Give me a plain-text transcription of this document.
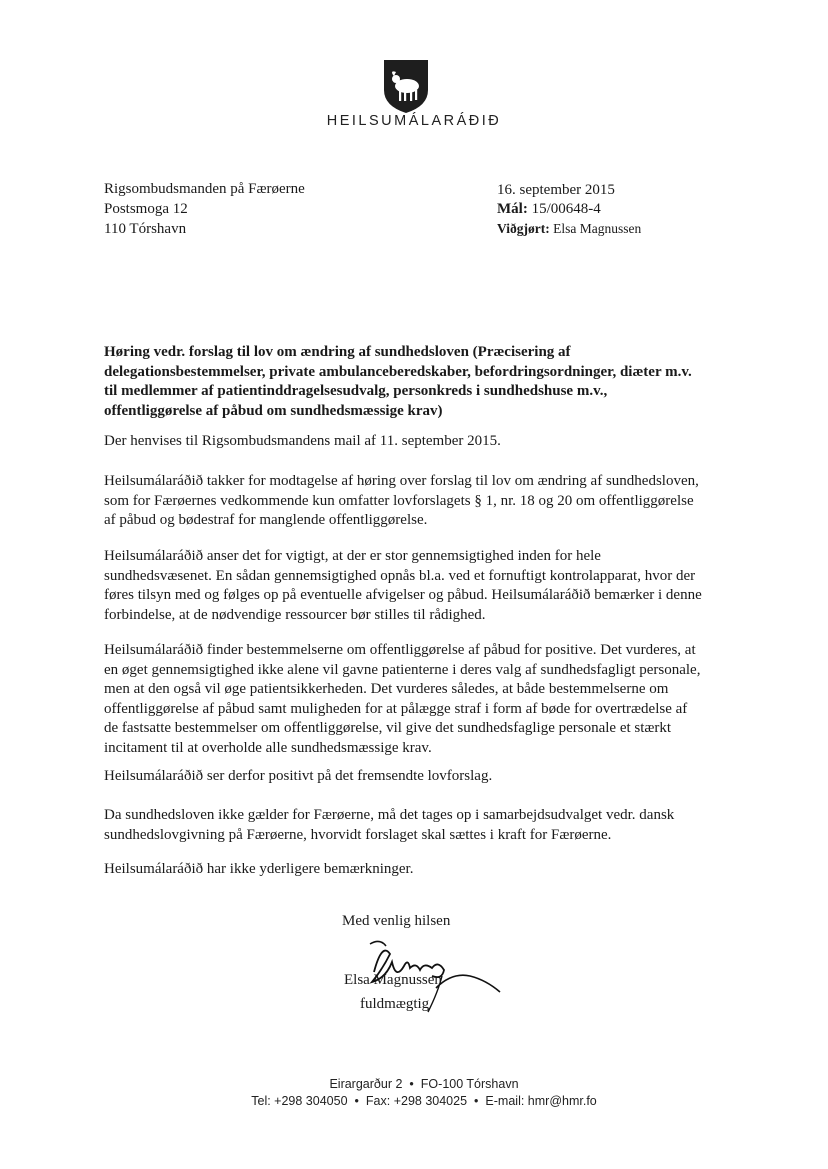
HEILSUMÁLARÁÐIÐ
Rigsombudsmanden på Færøerne
Postsmoga 12
110 Tórshavn
16. september 2015
Mál: 15/00648-4
Viðgjørt: Elsa Magnussen
Høring vedr. forslag til lov om ændring af sundhedsloven (Præcisering af delegationsbestemmelser, private ambulanceberedskaber, befordringsordninger, diæter m.v. til medlemmer af patientinddragelsesudvalg, personkreds i sundhedshuse m.v., offentliggørelse af påbud om sundhedsmæssige krav)

Der henvises til Rigsombudsmandens mail af 11. september 2015.

Heilsumálaráðið takker for modtagelse af høring over forslag til lov om ændring af sundhedsloven, som for Færøernes vedkommende kun omfatter lovforslagets § 1, nr. 18 og 20 om offentliggørelse af påbud og bødestraf for manglende offentliggørelse.

Heilsumálaráðið anser det for vigtigt, at der er stor gennemsigtighed inden for hele sundhedsvæsenet. En sådan gennemsigtighed opnås bl.a. ved et fornuftigt kontrolapparat, hvor der føres tilsyn med og følges op på eventuelle afvigelser og påbud. Heilsumálaráðið bemærker i denne forbindelse, at de nødvendige ressourcer bør stilles til rådighed.

Heilsumálaráðið finder bestemmelserne om offentliggørelse af påbud for positive. Det vurderes, at en øget gennemsigtighed ikke alene vil gavne patienterne i deres valg af sundhedsfagligt personale, men at den også vil øge patientsikkerheden. Det vurderes således, at både bestemmelserne om offentliggørelse af påbud samt muligheden for at pålægge straf i form af bøde for overtrædelse af de fastsatte bestemmelser om offentliggørelse, vil give det sundhedsfaglige personale et stærkt incitament til at overholde alle sundhedsmæssige krav.

Heilsumálaráðið ser derfor positivt på det fremsendte lovforslag.

Da sundhedsloven ikke gælder for Færøerne, må det tages op i samarbejdsudvalget vedr. dansk sundhedslovgivning på Færøerne, hvorvidt forslaget skal sættes i kraft for Færøerne.

Heilsumálaráðið har ikke yderligere bemærkninger.

Med venlig hilsen
Elsa Magnussen
fuldmægtig
Eirargarður 2 • FO-100 Tórshavn
Tel: +298 304050 • Fax: +298 304025 • E-mail: hmr@hmr.fo
